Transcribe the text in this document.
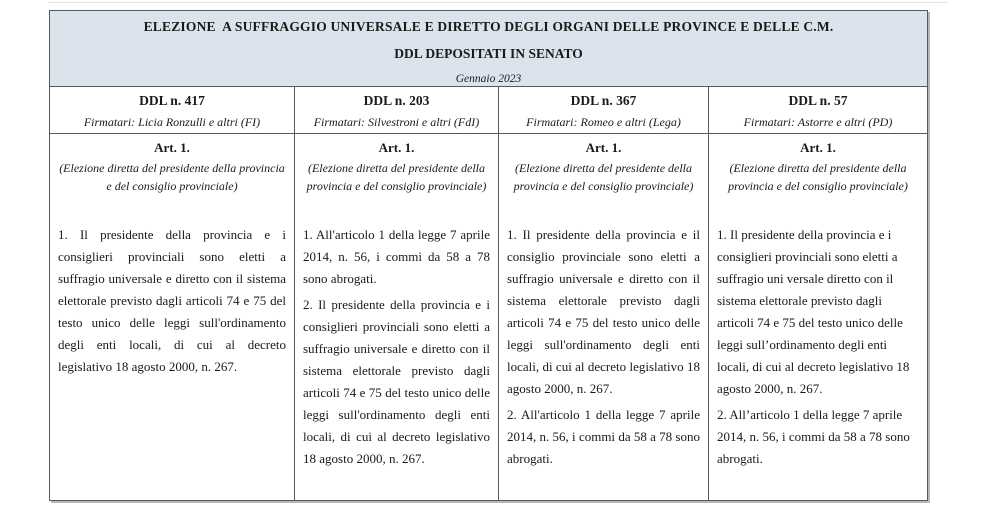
ELEZIONE  A SUFFRAGGIO UNIVERSALE E DIRETTO DEGLI ORGANI DELLE PROVINCE E DELLE C.M.
DDL DEPOSITATI IN SENATO
Gennaio 2023
DDL n. 417
Firmatari: Licia Ronzulli e altri (FI)
Art. 1.
(Elezione diretta del presidente della provincia e del consiglio provinciale)

1. Il presidente della provincia e i consiglieri provinciali sono eletti a suffragio universale e diretto con il sistema elettorale previsto dagli articoli 74 e 75 del testo unico delle leggi sull'ordinamento degli enti locali, di cui al decreto legislativo 18 agosto 2000, n. 267.

DDL n. 203
Firmatari: Silvestroni e altri (FdI)
Art. 1.
(Elezione diretta del presidente della provincia e del consiglio provinciale)

1. All'articolo 1 della legge 7 aprile 2014, n. 56, i commi da 58 a 78 sono abrogati.

2. Il presidente della provincia e i consiglieri provinciali sono eletti a suffragio universale e diretto con il sistema elettorale previsto dagli articoli 74 e 75 del testo unico delle leggi sull'ordinamento degli enti locali, di cui al decreto legislativo 18 agosto 2000, n. 267.

DDL n. 367
Firmatari: Romeo e altri (Lega)
Art. 1.
(Elezione diretta del presidente della provincia e del consiglio provinciale)

1. Il presidente della provincia e il consiglio provinciale sono eletti a suffragio universale e diretto con il sistema elettorale previsto dagli articoli 74 e 75 del testo unico delle leggi sull'ordinamento degli enti locali, di cui al decreto legislativo 18 agosto 2000, n. 267.

2. All'articolo 1 della legge 7 aprile 2014, n. 56, i commi da 58 a 78 sono abrogati.

DDL n. 57
Firmatari: Astorre e altri (PD)
Art. 1.
(Elezione diretta del presidente della provincia e del consiglio provinciale)

1. Il presidente della provincia e i consiglieri provinciali sono eletti a suffragio uni versale diretto con il sistema elettorale previsto dagli articoli 74 e 75 del testo unico delle leggi sull’ordinamento degli enti locali, di cui al decreto legislativo 18 agosto 2000, n. 267.

2. All’articolo 1 della legge 7 aprile 2014, n. 56, i commi da 58 a 78 sono abrogati.
